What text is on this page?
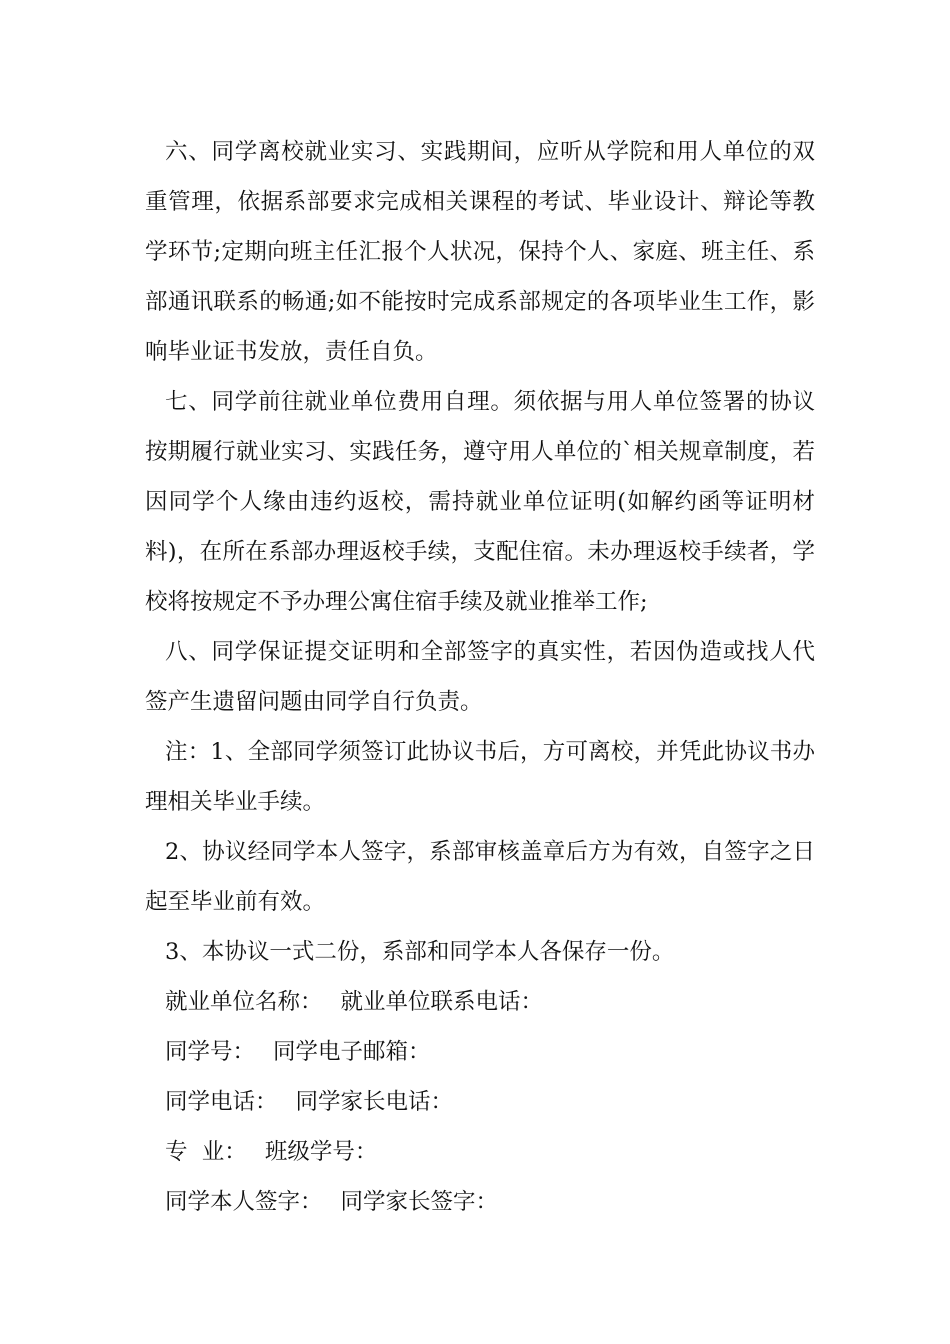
六、同学离校就业实习、实践期间，应听从学院和用人单位的双重管理，依据系部要求完成相关课程的考试、毕业设计、辩论等教学环节;定期向班主任汇报个人状况，保持个人、家庭、班主任、系部通讯联系的畅通;如不能按时完成系部规定的各项毕业生工作，影响毕业证书发放，责任自负。

七、同学前往就业单位费用自理。须依据与用人单位签署的协议按期履行就业实习、实践任务，遵守用人单位的`相关规章制度，若因同学个人缘由违约返校，需持就业单位证明(如解约函等证明材料)，在所在系部办理返校手续，支配住宿。未办理返校手续者，学校将按规定不予办理公寓住宿手续及就业推举工作;

八、同学保证提交证明和全部签字的真实性，若因伪造或找人代签产生遗留问题由同学自行负责。

注：1、全部同学须签订此协议书后，方可离校，并凭此协议书办理相关毕业手续。

2、协议经同学本人签字，系部审核盖章后方为有效，自签字之日起至毕业前有效。

3、本协议一式二份，系部和同学本人各保存一份。

就业单位名称： 就业单位联系电话：

同学号： 同学电子邮箱：

同学电话： 同学家长电话：

专  业： 班级学号：

同学本人签字： 同学家长签字：
